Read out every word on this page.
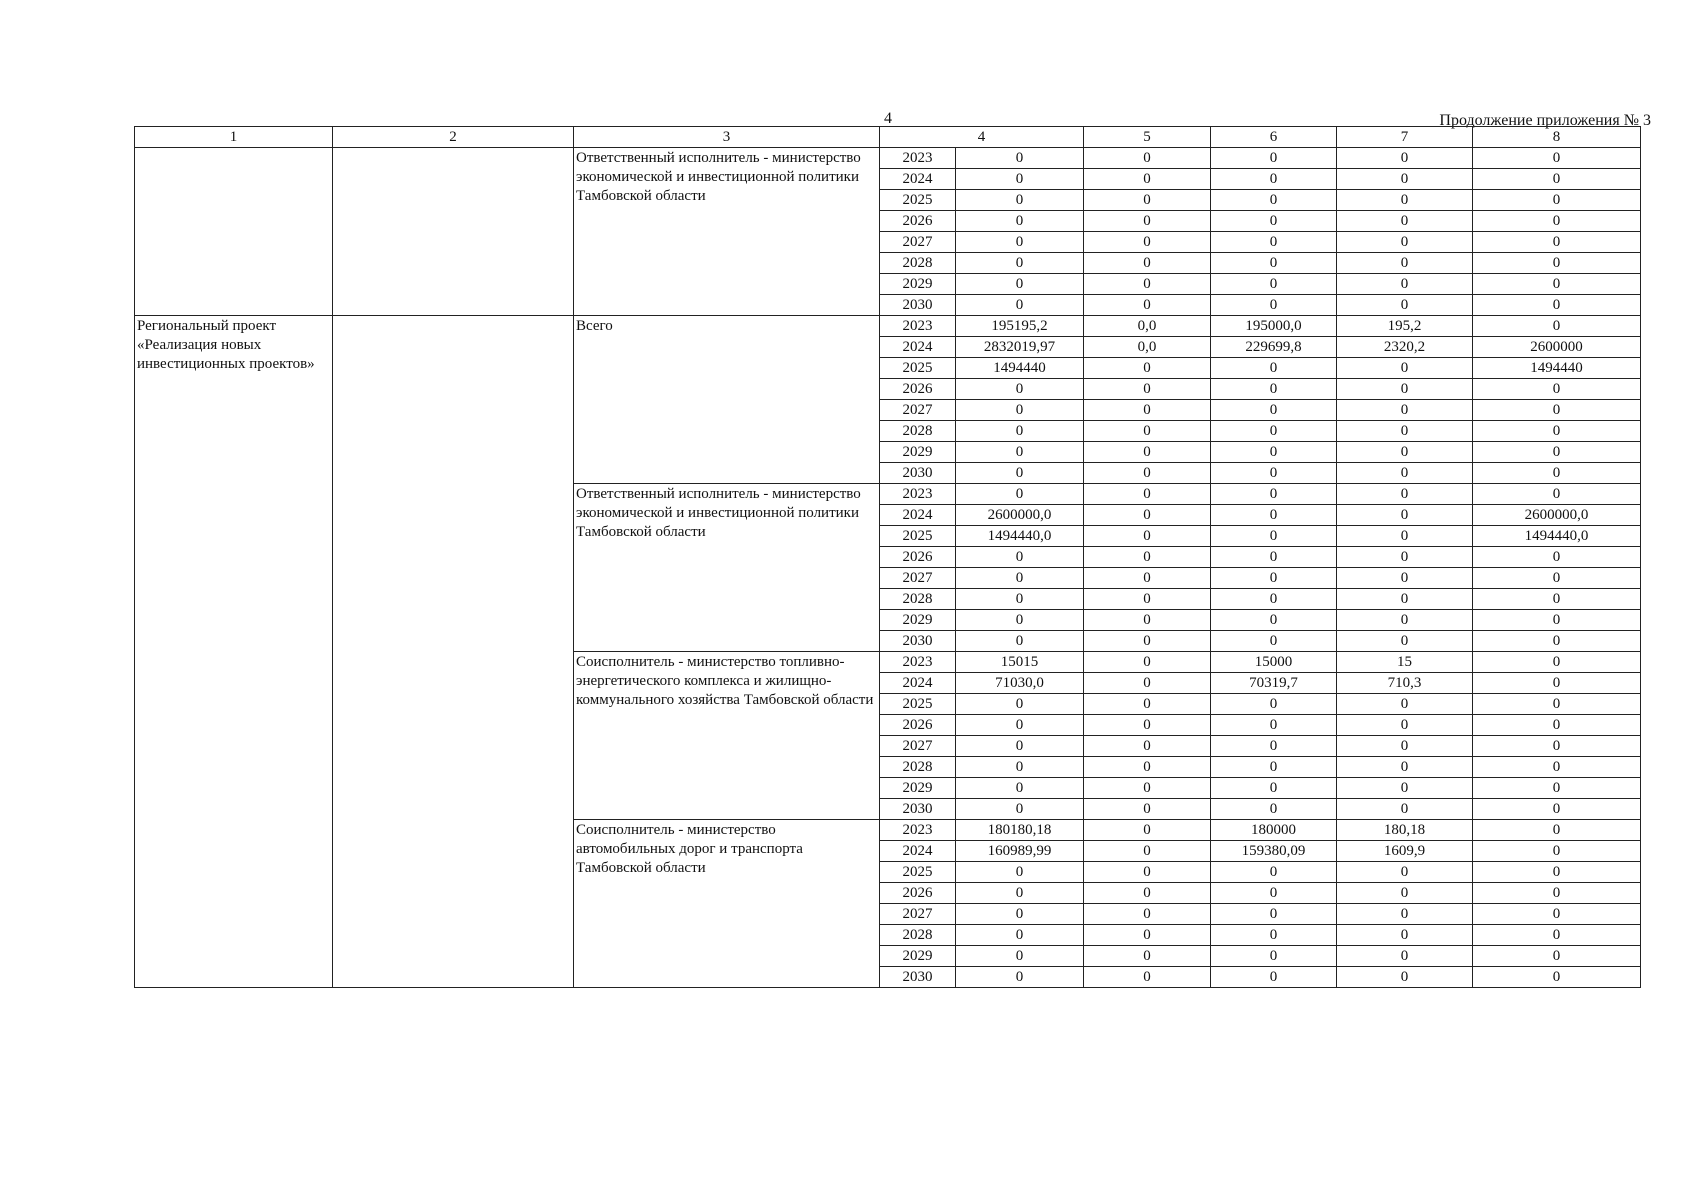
4	Продолжение приложения № 3
1	2	3	4		5	6	7	8
		Ответственный исполнитель - министерство экономической и инвестиционной политики Тамбовской области	2023	0	0	0	0	0
			2024	0	0	0	0	0
			2025	0	0	0	0	0
			2026	0	0	0	0	0
			2027	0	0	0	0	0
			2028	0	0	0	0	0
			2029	0	0	0	0	0
			2030	0	0	0	0	0
Региональный проект «Реализация новых инвестиционных проектов»		Всего	2023	195195,2	0,0	195000,0	195,2	0
			2024	2832019,97	0,0	229699,8	2320,2	2600000
			2025	1494440	0	0	0	1494440
			2026	0	0	0	0	0
			2027	0	0	0	0	0
			2028	0	0	0	0	0
			2029	0	0	0	0	0
			2030	0	0	0	0	0
		Ответственный исполнитель - министерство экономической и инвестиционной политики Тамбовской области	2023	0	0	0	0	0
			2024	2600000,0	0	0	0	2600000,0
			2025	1494440,0	0	0	0	1494440,0
			2026	0	0	0	0	0
			2027	0	0	0	0	0
			2028	0	0	0	0	0
			2029	0	0	0	0	0
			2030	0	0	0	0	0
		Соисполнитель - министерство топливно-энергетического комплекса и жилищно-коммунального хозяйства Тамбовской области	2023	15015	0	15000	15	0
			2024	71030,0	0	70319,7	710,3	0
			2025	0	0	0	0	0
			2026	0	0	0	0	0
			2027	0	0	0	0	0
			2028	0	0	0	0	0
			2029	0	0	0	0	0
			2030	0	0	0	0	0
		Соисполнитель - министерство автомобильных дорог и транспорта Тамбовской области	2023	180180,18	0	180000	180,18	0
			2024	160989,99	0	159380,09	1609,9	0
			2025	0	0	0	0	0
			2026	0	0	0	0	0
			2027	0	0	0	0	0
			2028	0	0	0	0	0
			2029	0	0	0	0	0
			2030	0	0	0	0	0
